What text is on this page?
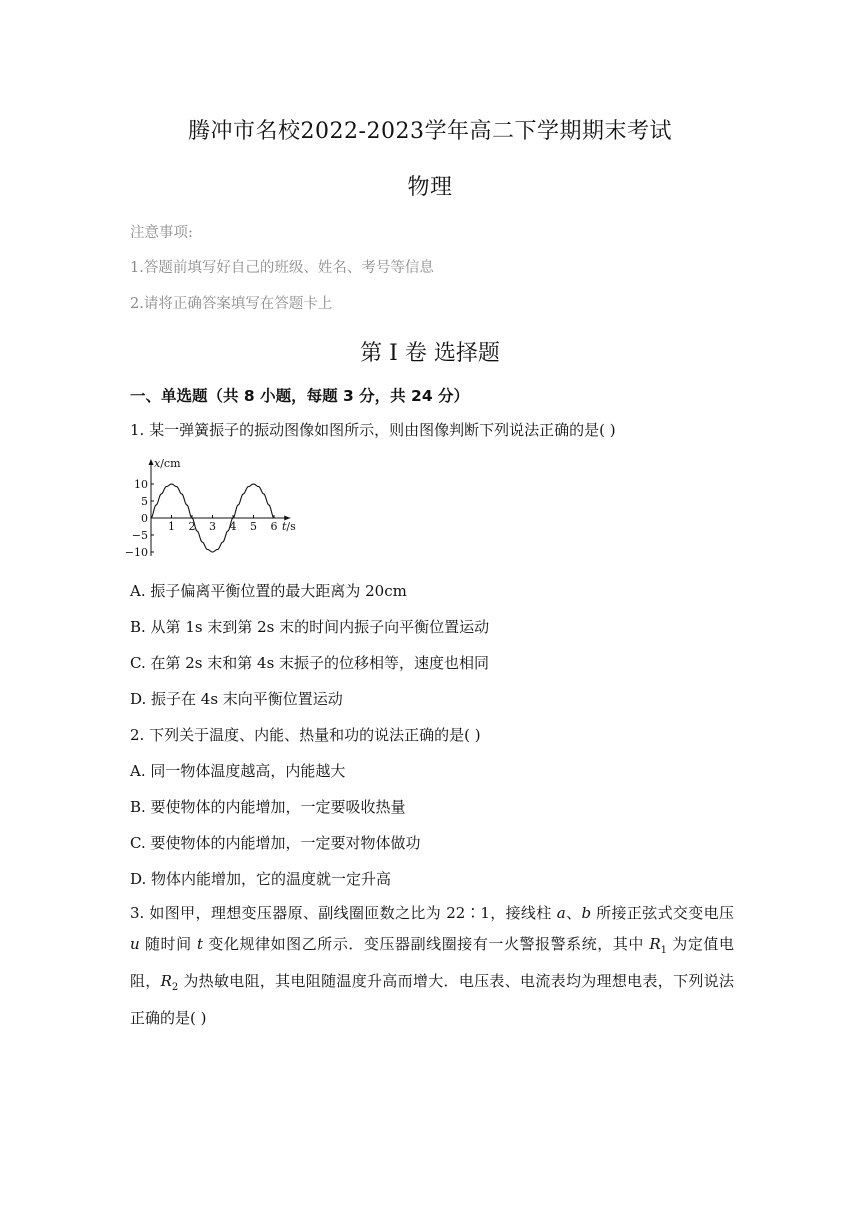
腾冲市名校2022-2023学年高二下学期期末考试
物理
注意事项:
1.答题前填写好自己的班级、姓名、考号等信息
2.请将正确答案填写在答题卡上
第 I 卷 选择题
一、单选题（共 8 小题，每题 3 分，共 24 分）
1. 某一弹簧振子的振动图像如图所示，则由图像判断下列说法正确的是( )
x/cm
t/s
10
5
0
−5
−10
1 2 3 4 5 6
A. 振子偏离平衡位置的最大距离为 20cm
B. 从第 1s 末到第 2s 末的时间内振子向平衡位置运动
C. 在第 2s 末和第 4s 末振子的位移相等，速度也相同
D. 振子在 4s 末向平衡位置运动
2. 下列关于温度、内能、热量和功的说法正确的是( )
A. 同一物体温度越高，内能越大
B. 要使物体的内能增加，一定要吸收热量
C. 要使物体的内能增加，一定要对物体做功
D. 物体内能增加，它的温度就一定升高
3. 如图甲，理想变压器原、副线圈匝数之比为 22∶1，接线柱 a、b 所接正弦式交变电压 u 随时间 t 变化规律如图乙所示．变压器副线圈接有一火警报警系统，其中 $R_1$ 为定值电阻，$R_2$ 为热敏电阻，其电阻随温度升高而增大．电压表、电流表均为理想电表，下列说法正确的是( )
